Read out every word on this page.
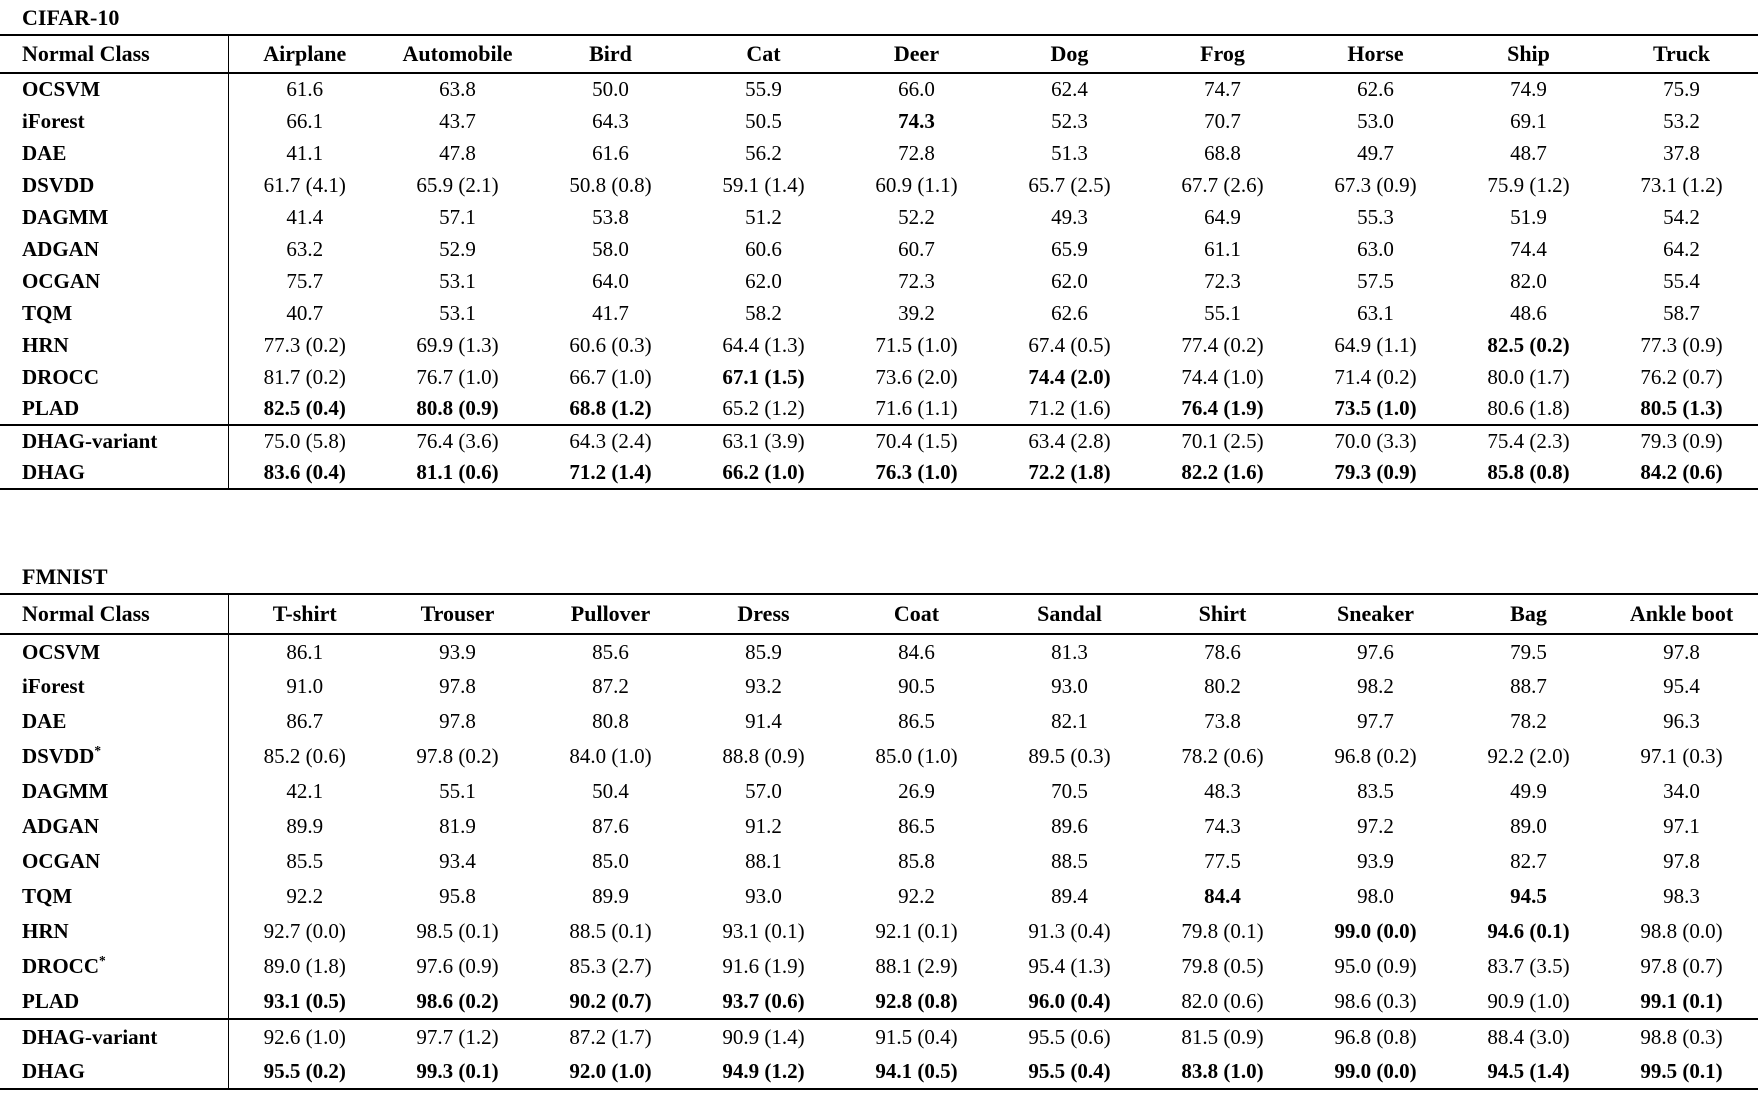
CIFAR-10
Normal Class	Airplane	Automobile	Bird	Cat	Deer	Dog	Frog	Horse	Ship	Truck
OCSVM	61.6	63.8	50.0	55.9	66.0	62.4	74.7	62.6	74.9	75.9
iForest	66.1	43.7	64.3	50.5	74.3	52.3	70.7	53.0	69.1	53.2
DAE	41.1	47.8	61.6	56.2	72.8	51.3	68.8	49.7	48.7	37.8
DSVDD	61.7 (4.1)	65.9 (2.1)	50.8 (0.8)	59.1 (1.4)	60.9 (1.1)	65.7 (2.5)	67.7 (2.6)	67.3 (0.9)	75.9 (1.2)	73.1 (1.2)
DAGMM	41.4	57.1	53.8	51.2	52.2	49.3	64.9	55.3	51.9	54.2
ADGAN	63.2	52.9	58.0	60.6	60.7	65.9	61.1	63.0	74.4	64.2
OCGAN	75.7	53.1	64.0	62.0	72.3	62.0	72.3	57.5	82.0	55.4
TQM	40.7	53.1	41.7	58.2	39.2	62.6	55.1	63.1	48.6	58.7
HRN	77.3 (0.2)	69.9 (1.3)	60.6 (0.3)	64.4 (1.3)	71.5 (1.0)	67.4 (0.5)	77.4 (0.2)	64.9 (1.1)	82.5 (0.2)	77.3 (0.9)
DROCC	81.7 (0.2)	76.7 (1.0)	66.7 (1.0)	67.1 (1.5)	73.6 (2.0)	74.4 (2.0)	74.4 (1.0)	71.4 (0.2)	80.0 (1.7)	76.2 (0.7)
PLAD	82.5 (0.4)	80.8 (0.9)	68.8 (1.2)	65.2 (1.2)	71.6 (1.1)	71.2 (1.6)	76.4 (1.9)	73.5 (1.0)	80.6 (1.8)	80.5 (1.3)
DHAG-variant	75.0 (5.8)	76.4 (3.6)	64.3 (2.4)	63.1 (3.9)	70.4 (1.5)	63.4 (2.8)	70.1 (2.5)	70.0 (3.3)	75.4 (2.3)	79.3 (0.9)
DHAG	83.6 (0.4)	81.1 (0.6)	71.2 (1.4)	66.2 (1.0)	76.3 (1.0)	72.2 (1.8)	82.2 (1.6)	79.3 (0.9)	85.8 (0.8)	84.2 (0.6)
FMNIST
Normal Class	T-shirt	Trouser	Pullover	Dress	Coat	Sandal	Shirt	Sneaker	Bag	Ankle boot
OCSVM	86.1	93.9	85.6	85.9	84.6	81.3	78.6	97.6	79.5	97.8
iForest	91.0	97.8	87.2	93.2	90.5	93.0	80.2	98.2	88.7	95.4
DAE	86.7	97.8	80.8	91.4	86.5	82.1	73.8	97.7	78.2	96.3
DSVDD*	85.2 (0.6)	97.8 (0.2)	84.0 (1.0)	88.8 (0.9)	85.0 (1.0)	89.5 (0.3)	78.2 (0.6)	96.8 (0.2)	92.2 (2.0)	97.1 (0.3)
DAGMM	42.1	55.1	50.4	57.0	26.9	70.5	48.3	83.5	49.9	34.0
ADGAN	89.9	81.9	87.6	91.2	86.5	89.6	74.3	97.2	89.0	97.1
OCGAN	85.5	93.4	85.0	88.1	85.8	88.5	77.5	93.9	82.7	97.8
TQM	92.2	95.8	89.9	93.0	92.2	89.4	84.4	98.0	94.5	98.3
HRN	92.7 (0.0)	98.5 (0.1)	88.5 (0.1)	93.1 (0.1)	92.1 (0.1)	91.3 (0.4)	79.8 (0.1)	99.0 (0.0)	94.6 (0.1)	98.8 (0.0)
DROCC*	89.0 (1.8)	97.6 (0.9)	85.3 (2.7)	91.6 (1.9)	88.1 (2.9)	95.4 (1.3)	79.8 (0.5)	95.0 (0.9)	83.7 (3.5)	97.8 (0.7)
PLAD	93.1 (0.5)	98.6 (0.2)	90.2 (0.7)	93.7 (0.6)	92.8 (0.8)	96.0 (0.4)	82.0 (0.6)	98.6 (0.3)	90.9 (1.0)	99.1 (0.1)
DHAG-variant	92.6 (1.0)	97.7 (1.2)	87.2 (1.7)	90.9 (1.4)	91.5 (0.4)	95.5 (0.6)	81.5 (0.9)	96.8 (0.8)	88.4 (3.0)	98.8 (0.3)
DHAG	95.5 (0.2)	99.3 (0.1)	92.0 (1.0)	94.9 (1.2)	94.1 (0.5)	95.5 (0.4)	83.8 (1.0)	99.0 (0.0)	94.5 (1.4)	99.5 (0.1)
